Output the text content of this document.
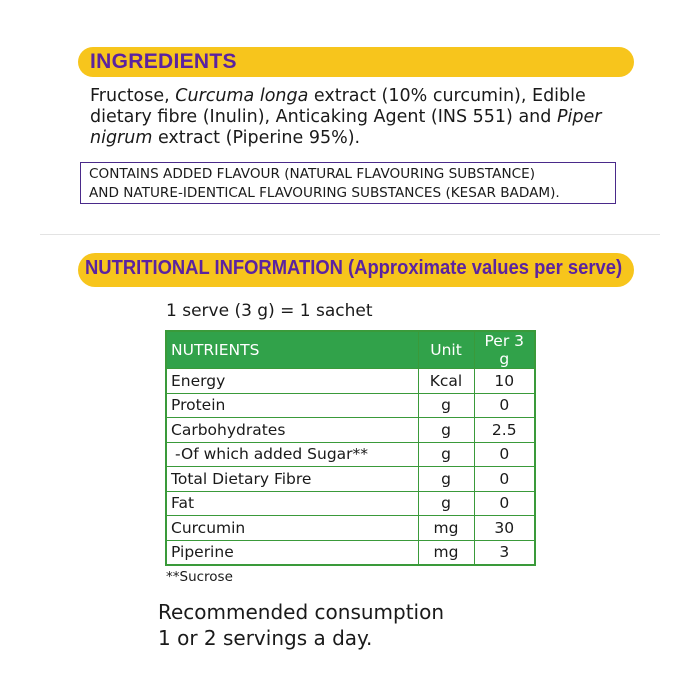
INGREDIENTS
Fructose, Curcuma longa extract (10% curcumin), Edible dietary fibre (Inulin), Anticaking Agent (INS 551) and Piper nigrum extract (Piperine 95%).
CONTAINS ADDED FLAVOUR (NATURAL FLAVOURING SUBSTANCE)
AND NATURE-IDENTICAL FLAVOURING SUBSTANCES (KESAR BADAM).
NUTRITIONAL INFORMATION (Approximate values per serve)
1 serve (3 g) = 1 sachet
NUTRIENTS	Unit	Per 3 g
Energy	Kcal	10
Protein	g	0
Carbohydrates	g	2.5
-Of which added Sugar**	g	0
Total Dietary Fibre	g	0
Fat	g	0
Curcumin	mg	30
Piperine	mg	3
**Sucrose
Recommended consumption
1 or 2 servings a day.
